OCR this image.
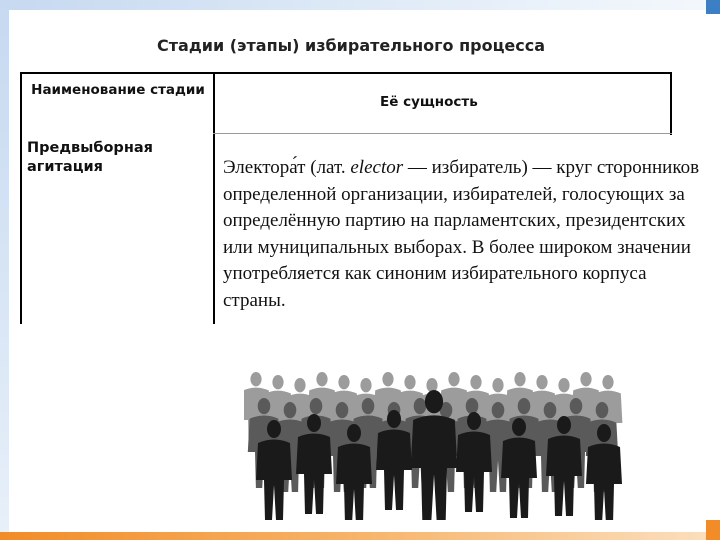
Стадии (этапы) избирательного процесса
Наименование стадии
Её сущность
Предвыборная агитация	Электора́т (лат. elector — избиратель) — круг сторонников определенной организации, избирателей, голосующих за определённую партию на парламентских, президентских или муниципальных выборах. В более широком значении употребляется как синоним избирательного корпуса страны.
